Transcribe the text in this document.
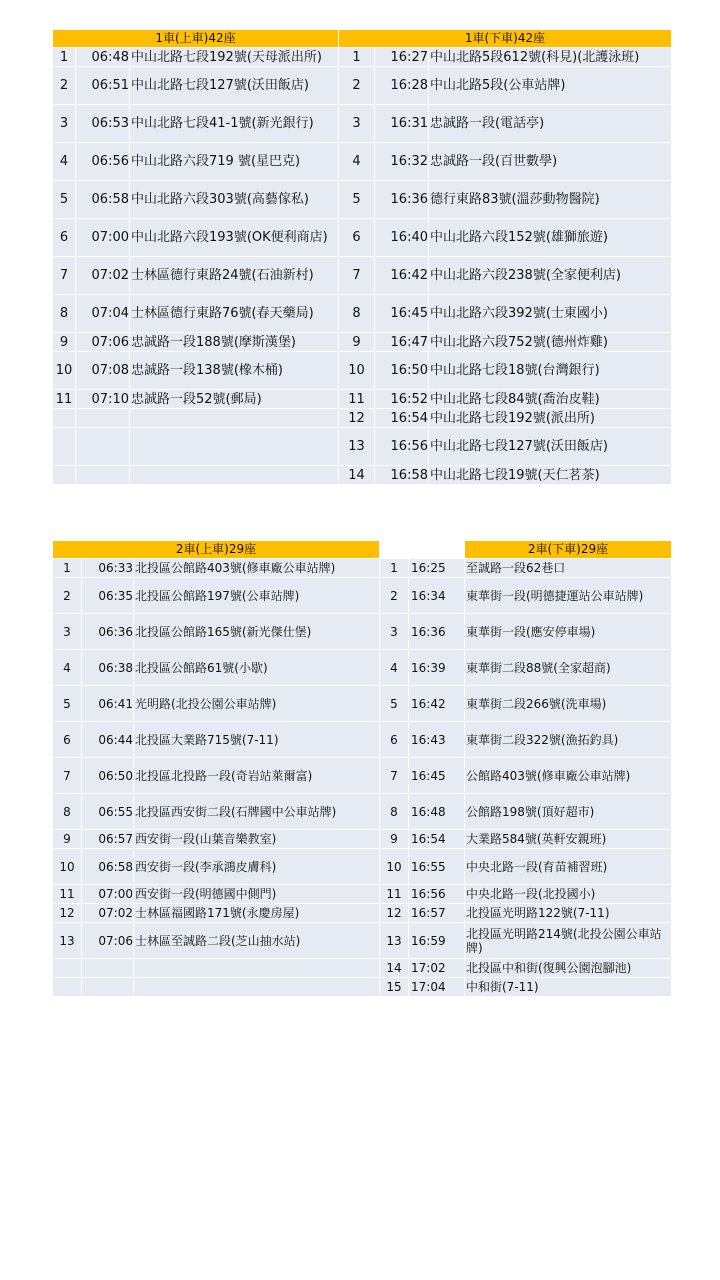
1車(上車)42座			1車(下車)42座		
1	06:48	中山北路七段192號(天母派出所)	1	16:27	中山北路5段612號(科見)(北護泳班)
2	06:51	中山北路七段127號(沃田飯店)	2	16:28	中山北路5段(公車站牌)
3	06:53	中山北路七段41-1號(新光銀行)	3	16:31	忠誠路一段(電話亭)
4	06:56	中山北路六段719 號(星巴克)	4	16:32	忠誠路一段(百世數學)
5	06:58	中山北路六段303號(高藝傢私)	5	16:36	德行東路83號(溫莎動物醫院)
6	07:00	中山北路六段193號(OK便利商店)	6	16:40	中山北路六段152號(雄獅旅遊)
7	07:02	士林區德行東路24號(石油新村)	7	16:42	中山北路六段238號(全家便利店)
8	07:04	士林區德行東路76號(春天藥局)	8	16:45	中山北路六段392號(士東國小)
9	07:06	忠誠路一段188號(摩斯漢堡)	9	16:47	中山北路六段752號(德州炸雞)
10	07:08	忠誠路一段138號(橡木桶)	10	16:50	中山北路七段18號(台灣銀行)
11	07:10	忠誠路一段52號(郵局)	11	16:52	中山北路七段84號(喬治皮鞋)
			12	16:54	中山北路七段192號(派出所)
			13	16:56	中山北路七段127號(沃田飯店)
			14	16:58	中山北路七段19號(天仁茗茶)
2車(上車)29座					2車(下車)29座
1	06:33	北投區公館路403號(修車廠公車站牌)	1	16:25	至誠路一段62巷口
2	06:35	北投區公館路197號(公車站牌)	2	16:34	東華街一段(明德捷運站公車站牌)
3	06:36	北投區公館路165號(新光傑仕堡)	3	16:36	東華街一段(應安停車場)
4	06:38	北投區公館路61號(小歇)	4	16:39	東華街二段88號(全家超商)
5	06:41	光明路(北投公園公車站牌)	5	16:42	東華街二段266號(洗車場)
6	06:44	北投區大業路715號(7-11)	6	16:43	東華街二段322號(漁拓釣具)
7	06:50	北投區北投路一段(奇岩站萊爾富)	7	16:45	公館路403號(修車廠公車站牌)
8	06:55	北投區西安街二段(石牌國中公車站牌)	8	16:48	公館路198號(頂好超市)
9	06:57	西安街一段(山葉音樂教室)	9	16:54	大業路584號(英軒安親班)
10	06:58	西安街一段(李承鴻皮膚科)	10	16:55	中央北路一段(育苗補習班)
11	07:00	西安街一段(明德國中側門)	11	16:56	中央北路一段(北投國小)
12	07:02	士林區福國路171號(永慶房屋)	12	16:57	北投區光明路122號(7-11)
13	07:06	士林區至誠路二段(芝山抽水站)	13	16:59	北投區光明路214號(北投公園公車站牌)
			14	17:02	北投區中和街(復興公園泡腳池)
			15	17:04	中和街(7-11)
